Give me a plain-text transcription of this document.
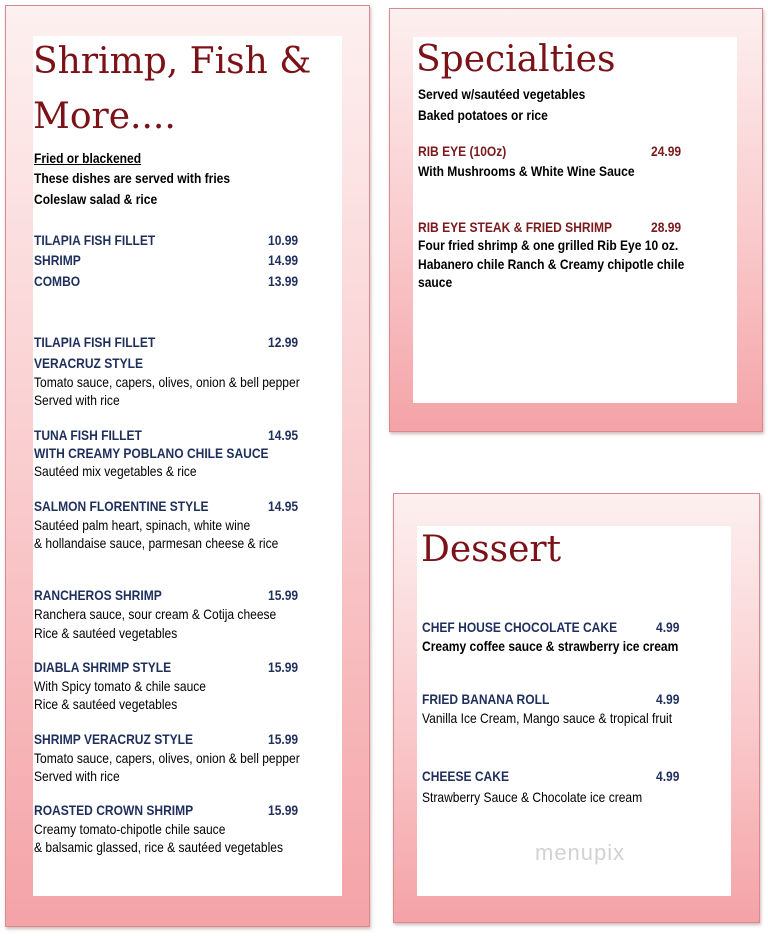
Shrimp, Fish &

More....

Fried or blackened

These dishes are served with fries

Coleslaw salad & rice

TILAPIA FISH FILLET	10.99

SHRIMP	14.99

COMBO	13.99

TILAPIA FISH FILLET	12.99

VERACRUZ STYLE

Tomato sauce, capers, olives, onion & bell pepper

Served with rice

TUNA FISH FILLET	14.95

WITH CREAMY POBLANO CHILE SAUCE

Sautéed mix vegetables & rice

SALMON FLORENTINE STYLE	14.95

Sautéed palm heart, spinach, white wine

& hollandaise sauce, parmesan cheese & rice

RANCHEROS SHRIMP	15.99

Ranchera sauce, sour cream & Cotija cheese

Rice & sautéed vegetables

DIABLA SHRIMP STYLE	15.99

With Spicy tomato & chile sauce

Rice & sautéed vegetables

SHRIMP VERACRUZ STYLE	15.99

Tomato sauce, capers, olives, onion & bell pepper

Served with rice

ROASTED CROWN SHRIMP	15.99

Creamy tomato-chipotle chile sauce

& balsamic glassed, rice & sautéed vegetables

Specialties

Served w/sautéed vegetables

Baked potatoes or rice

RIB EYE (10Oz)	24.99

With Mushrooms & White Wine Sauce

RIB EYE STEAK & FRIED SHRIMP	28.99

Four fried shrimp & one grilled Rib Eye 10 oz.

Habanero chile Ranch & Creamy chipotle chile

sauce

Dessert

CHEF HOUSE CHOCOLATE CAKE	4.99

Creamy coffee sauce & strawberry ice cream

FRIED BANANA ROLL	4.99

Vanilla Ice Cream, Mango sauce & tropical fruit

CHEESE CAKE	4.99

Strawberry Sauce & Chocolate ice cream

menupix
